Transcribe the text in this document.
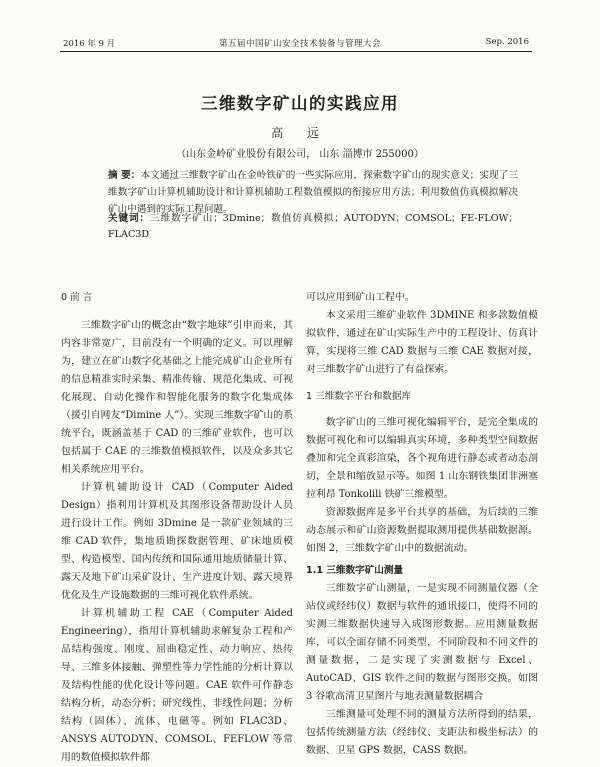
2016 年 9 月	第五届中国矿山安全技术装备与管理大会	Sep. 2016
三维数字矿山的实践应用
高 远
（山东金岭矿业股份有限公司， 山东 淄博市 255000）
摘 要：本文通过三维数字矿山在金岭铁矿的一些实际应用，探索数字矿山的现实意义；实现了三维数字矿山计算机辅助设计和计算机辅助工程数值模拟的衔接应用方法；利用数值仿真模拟解决矿山中遇到的实际工程问题。
关键词：三维数字矿山；3Dmine；数值仿真模拟；AUTODYN；COMSOL；FE-FLOW；FLAC3D
0 前 言

三维数字矿山的概念由“数字地球”引申而来，其内容非常宽广，目前没有一个明确的定义。可以理解为，建立在矿山数字化基础之上能完成矿山企业所有的信息精准实时采集、精准传输、规范化集成、可视化展现、自动化操作和智能化服务的数字化集成体（援引自网友“Dimine 人”）。实现三维数字矿山的系统平台，既涵盖基于 CAD 的三维矿业软件，也可以包括属于 CAE 的三维数值模拟软件，以及众多其它相关系统应用平台。

计算机辅助设计 CAD（Computer Aided Design）指利用计算机及其图形设备帮助设计人员进行设计工作。例如 3Dmine 是一款矿业领域的三维 CAD 软件，集地质勘探数据管理、矿床地质模型、构造模型、国内传统和国际通用地质储量计算、露天及地下矿山采矿设计、生产进度计划、露天境界优化及生产设施数据的三维可视化软件系统。

计算机辅助工程 CAE（Computer Aided Engineering），指用计算机辅助求解复杂工程和产品结构强度、刚度、屈曲稳定性、动力响应、热传导、三维多体接触、弹塑性等力学性能的分析计算以及结构性能的优化设计等问题。CAE 软件可作静态结构分析，动态分析；研究线性、非线性问题；分析结构（固体）、流体、电磁等。例如 FLAC3D、ANSYS AUTODYN、COMSOL、FEFLOW 等常用的数值模拟软件都

可以应用到矿山工程中。

本文采用三维矿业软件 3DMINE 和多款数值模拟软件，通过在矿山实际生产中的工程设计、仿真计算，实现将三维 CAD 数据与三维 CAE 数据对接，对三维数字矿山进行了有益探索。

1 三维数字平台和数据库

数字矿山的三维可视化编辑平台，是完全集成的数据可视化和可以编辑真实环境，多种类型空间数据叠加和完全真彩渲染，各个视角进行静态或者动态剖切，全景和缩放显示等。如图 1 山东钢铁集团非洲塞拉利昂 Tonkolili 铁矿三维模型。

资源数据库是多平台共享的基础，为后续的三维动态展示和矿山资源数据提取测用提供基础数据源。如图 2，三维数字矿山中的数据流动。

1.1 三维数字矿山测量

三维数字矿山测量，一是实现不同测量仪器（全站仪或经纬仪）数据与软件的通讯接口，使得不同的实测三维数据快速导入成图形数据。应用测量数据库，可以全面存储不同类型，不同阶段和不同文件的测量数据，二是实现了实测数据与 Excel、AutoCAD、GIS 软件之间的数据与图形交换。如图 3 谷歌高清卫星图片与地表测量数据耦合

三维测量可处理不同的测量方法所得到的结果，包括传统测量方法（经纬仪、支距法和极坐标法）的数据、卫星 GPS 数据，CASS 数据。
